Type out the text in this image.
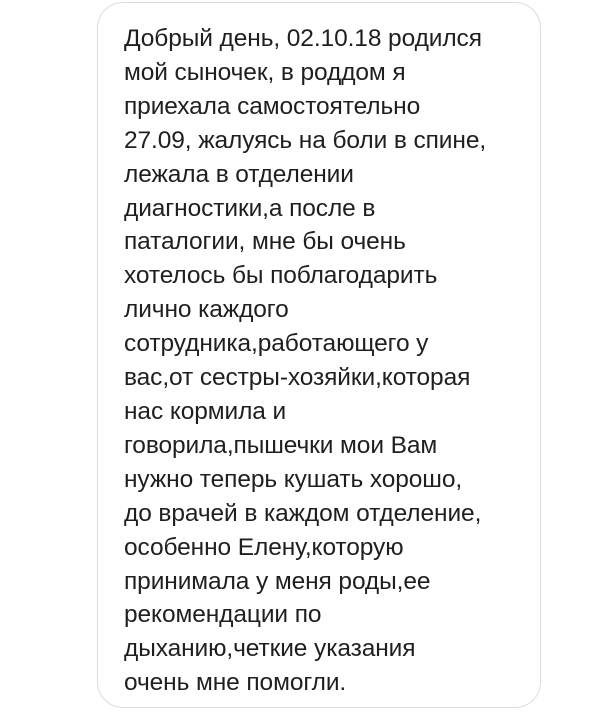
Добрый день, 02.10.18 родился
мой сыночек, в роддом я
приехала самостоятельно
27.09, жалуясь на боли в спине,
лежала в отделении
диагностики,а после в
паталогии, мне бы очень
хотелось бы поблагодарить
лично каждого
сотрудника,работающего у
вас,от сестры-хозяйки,которая
нас кормила и
говорила,пышечки мои Вам
нужно теперь кушать хорошо,
до врачей в каждом отделение,
особенно Елену,которую
принимала у меня роды,ее
рекомендации по
дыханию,четкие указания
очень мне помогли.
